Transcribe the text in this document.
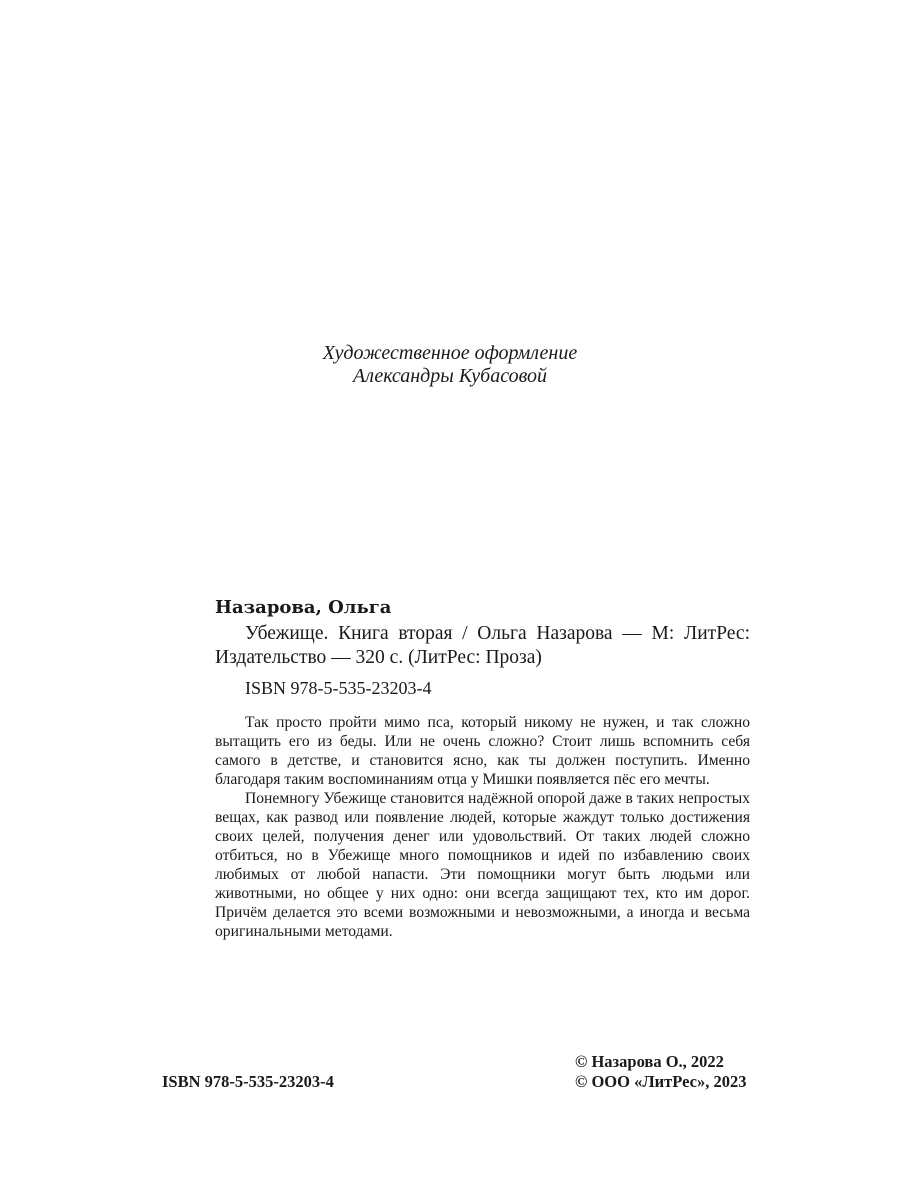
Художественное оформление
Александры Кубасовой
Назарова, Ольга

Убежище. Книга вторая / Ольга Назарова — М: ЛитРес: Издательство — 320 с. (ЛитРес: Проза)

ISBN 978-5-535-23203-4

Так просто пройти мимо пса, который никому не нужен, и так сложно вытащить его из беды. Или не очень сложно? Стоит лишь вспомнить себя самого в детстве, и становится ясно, как ты должен поступить. Именно благодаря таким воспоминаниям отца у Мишки появляется пёс его мечты.

Понемногу Убежище становится надёжной опорой даже в таких непростых вещах, как развод или появление людей, которые жаждут только достижения своих целей, получения денег или удовольствий. От таких людей сложно отбиться, но в Убежище много помощников и идей по избавлению своих любимых от любой напасти. Эти помощники могут быть людьми или животными, но общее у них одно: они всегда защищают тех, кто им дорог. Причём делается это всеми возможными и невозможными, а иногда и весьма оригинальными методами.

ISBN 978-5-535-23203-4
© Назарова О., 2022
© ООО «ЛитРес», 2023
